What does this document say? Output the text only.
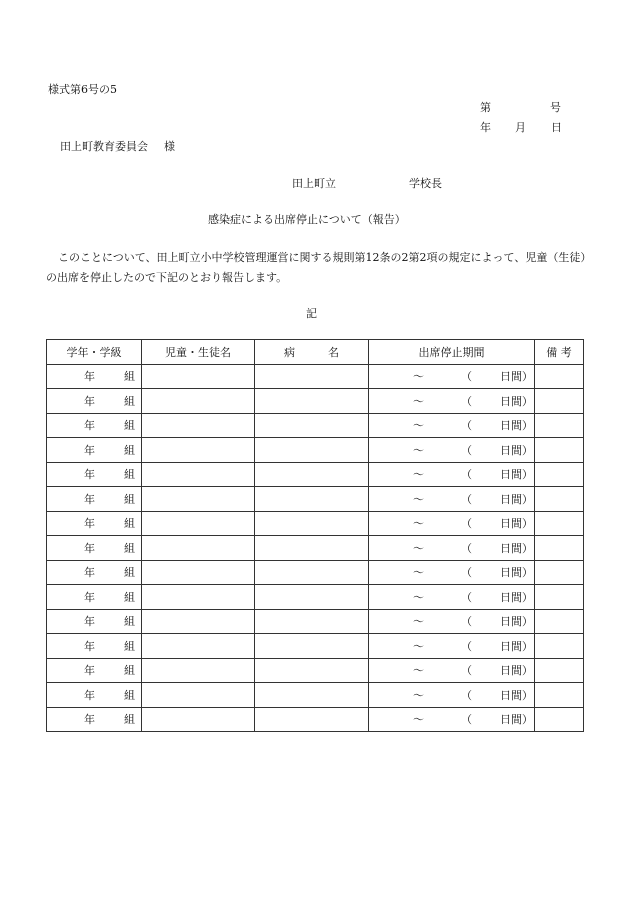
様式第6号の5
第	号
年 月 日
田上町教育委員会 様
田上町立	学校長
感染症による出席停止について（報告）
このことについて、田上町立小中学校管理運営に関する規則第12条の2第2項の規定によって、児童（生徒）の出席を停止したので下記のとおり報告します。
記
学年・学級	児童・生徒名	病　　　名	出席停止期間	備 考

年 組			～ （ 日間）	

年 組			～ （ 日間）	

年 組			～ （ 日間）	

年 組			～ （ 日間）	

年 組			～ （ 日間）	

年 組			～ （ 日間）	

年 組			～ （ 日間）	

年 組			～ （ 日間）	

年 組			～ （ 日間）	

年 組			～ （ 日間）	

年 組			～ （ 日間）	

年 組			～ （ 日間）	

年 組			～ （ 日間）	

年 組			～ （ 日間）	

年 組			～ （ 日間）	
